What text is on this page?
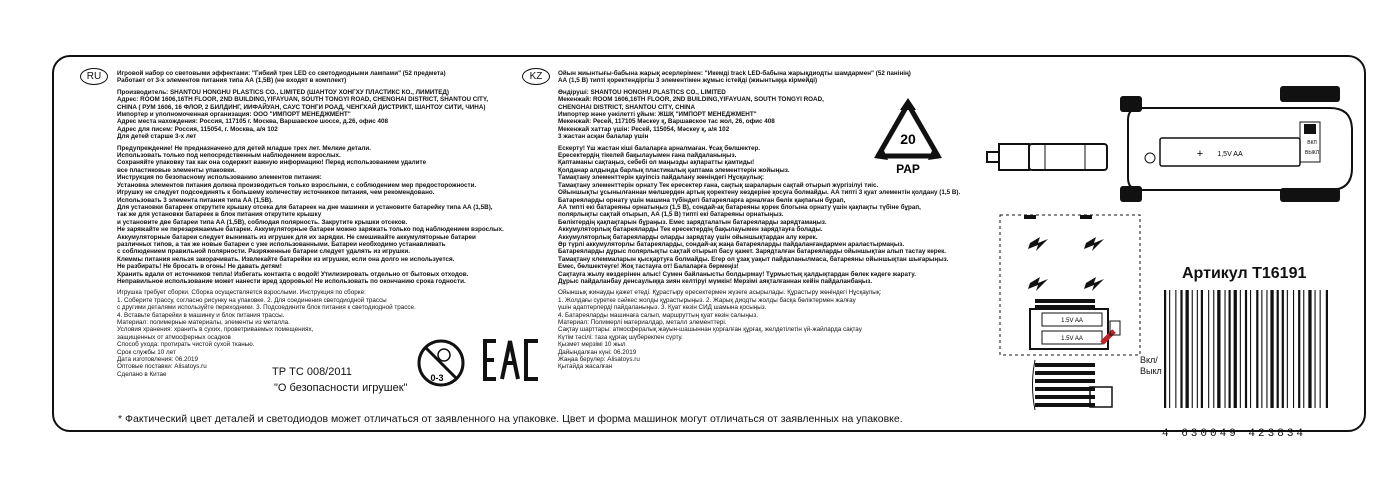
RU	Игровой набор со световыми эффектами: "Гибкий трек LED со светодиодными лампами" (52 предмета)
Работает от 3-х элементов питания типа АА (1,5В) (не входят в комплект)

Производитель: SHANTOU HONGHU PLASTICS CO., LIMITED (ШАНТОУ ХОНГХУ ПЛАСТИКС КО., ЛИМИТЕД)
Адрес: ROOM 1606,16TH FLOOR, 2ND BUILDING,YIFAYUAN, SOUTH TONGYI ROAD, CHENGHAI DISTRICT, SHANTOU CITY,
CHINA ( РУМ 1606, 16 ФЛОР, 2 БИЛДИНГ, ИИФАЙУАН, САУС ТОНГИ РОАД, ЧЕНГХАЙ ДИСТРИКТ, ШАНТОУ СИТИ, ЧИНА)
Импортер и уполномоченная организация: ООО "ИМПОРТ МЕНЕДЖМЕНТ"
Адрес места нахождения: Россия, 117105 г. Москва, Варшавское шоссе, д.26, офис 408
Адрес для писем: Россия, 115054, г. Москва, а/я 102
Для детей старше 3-х лет

Предупреждение! Не предназначено для детей младше трех лет. Мелкие детали.
Использовать только под непосредственным наблюдением взрослых.
Сохраняйте упаковку так как она содержит важную информацию! Перед использованием удалите
все пластиковые элементы упаковки.
Инструкция по безопасному использованию элементов питания:
Установка элементов питания должна производиться только взрослыми, с соблюдением мер предосторожности.
Игрушку не следует подсоединять к большему количеству источников питания, чем рекомендовано.
Использовать 3 элемента питания типа АА (1,5В).
Для установки батареек открутите крышку отсека для батареек на дне машинки и установите батарейку типа АА (1,5В),
так же для установки батареек в блок питания открутите крышку
и установите две батареи типа АА (1,5В), соблюдая полярность. Закрутите крышки отсеков.
Не заряжайте не перезаряжаемые батареи. Аккумуляторные батареи можно заряжать только под наблюдением взрослых.
Аккумуляторные батареи следует вынимать из игрушек для их зарядки. Не смешивайте аккумуляторные батареи
различных типов, а так же новые батареи с уже использованными. Батареи необходимо устанавливать
с соблюдением правильной полярности. Разряженные батареи следует удалять из игрушки.
Клеммы питания нельзя закорачивать. Извлекайте батарейки из игрушки, если она долго не используется.
Не разбирать! Не бросать в огонь! Не давать детям!
Хранить вдали от источников тепла! Избегать контакта с водой! Утилизировать отдельно от бытовых отходов.
Неправильное использование может нанести вред здоровью! Не использовать по окончанию срока годности.

Игрушка требует сборки. Сборка осуществляется взрослыми. Инструкция по сборке:
1. Соберите трассу, согласно рисунку на упаковке. 2. Для соединения светодиодной трассы
с другими деталями используйте переходники. 3. Подсоедините блок питания к светодиодной трассе.
4. Вставьте батарейки в машинку и блок питания трассы.
Материал: полимерные материалы, элементы из металла.
Условия хранения: хранить в сухих, проветриваемых помещениях,
защищенных от атмосферных осадков
Способ ухода: протирать чистой сухой тканью.
Срок службы 10 лет
Дата изготовления: 06.2019
Оптовые поставки: Alisatoys.ru
Сделано в Китае

KZ	Ойын жиынтығы-бабына жарық әсерлерімен: "Икемді track LED-бабына жарықдиодты шамдармен" (52 панінің)
АА (1,5 В) типті қоректендіргіш 3 элементімен жұмыс істейді (жиынтыққа кірмейді)

Өндіруші: SHANTOU HONGHU PLASTICS CO., LIMITED
Мекенжай: ROOM 1606,16TH FLOOR, 2ND BUILDING,YIFAYUAN, SOUTH TONGYI ROAD,
CHENGHAI DISTRICT, SHANTOU CITY, CHINA
Импортер және уәкілетті ұйым: ЖШҚ "ИМПОРТ МЕНЕДЖМЕНТ"
Мекенжай: Ресей, 117105 Мәскеу қ, Варшавское тас жол, 26, офис 408
Мекенжай хаттар үшін: Ресей, 115054, Мәскеу қ, а/я 102
3 жастан асқан балалар үшін

Ескерту! Үш жастан кіші балаларға арналмаған. Ұсақ бөлшектер.
Ересектердің тікелей бақылауымен ғана пайдаланыңыз.
Қаптаманы сақтаңыз, себебі ол маңызды ақпаратты қамтиды!
Қолданар алдында барлық пластикалық қаптама элементтерін жойыңыз.
Тамақтану элементтерін қауіпсіз пайдалану жөніндегі Нұсқаулық:
Тамақтану элементтерін орнату Тек ересектер ғана, сақтық шараларын сақтай отырып жүргізілуі тиіс.
Ойыншықты ұсынылғаннан мөлшерден артық қоректену көздеріне қосуға болмайды. АА типті 3 қуат элементін қолдану (1,5 В).
Батареяларды орнату үшін машина түбіндегі батареяларға арналған бөлік қақпағын бұрап,
АА типті екі батареяны орнатыңыз (1,5 В), сондай-ақ батареяны қорек блогына орнату үшін қақпақты түбіне бұрап,
полярлықты сақтай отырып, АА (1,5 В) типті екі батареяны орнатыңыз.
Бөліктердің қақпақтарын бұраңыз. Емес зарядталатын батареяларды зарядтамаңыз.
Аккумуляторлық батареяларды Тек ересектердің бақылауымен зарядтауға болады.
Аккумуляторлық батареяларды оларды зарядтау үшін ойыншықтардан алу керек.
Әр түрлі аккумуляторлы батареяларды, сондай-ақ жаңа батареяларды пайдаланғандармен араластырмаңыз.
Батареяларды дұрыс полярлықты сақтай отырып басу қажет. Зарядталған батареяларды ойыншықтан алып тастау керек.
Тамақтану клеммаларын қысқартуға болмайды. Егер ол ұзақ уақыт пайдаланылмаса, батареяны ойыншықтан шығарыңыз.
Емес, бөлшектеуге! Жоқ тастауға от! Балаларға бермеңіз!
Сақтауға жылу көздерінен алыс! Сумен байланысты болдырмау! Тұрмыстық қалдықтардан бөлек кәдеге жарату.
Дұрыс пайдаланбау денсаулыққа зиян келтіруі мүмкін! Мерзімі аяқталғаннан кейін пайдаланбаңыз.

Ойыншық жинауды қажет етеді. Құрастыру ересектермен жүзеге асырылады. Құрастыру жөніндегі Нұсқаулық:
1. Жолдағы суретке сәйкес жолды құрастырыңыз. 2. Жарық диодты жолды басқа бөліктермен жалғау
үшін адаптерлерді пайдаланыңыз. 3. Қуат көзін СИД шамына қосыңыз.
4. Батареяларды машинаға салып, маршруттың қуат көзін салыңыз.
Материал: Полимерлі материалдар, металл элементтері.
Сақтау шарттары: атмосфералық жауын-шашыннан қорғалған құрғақ, желдетілетін үй-жайларда сақтау
Күтім тәсілі: таза құрғақ шүберекпен сүрту.
Қызмет мерзімі 10 жыл
Дайындалған күні: 06.2019
Жаңаа берулер: Alisatoys.ru
Қытайда жасалған

20
PAP
1,5V AA
+
ВКЛ
ВЫКЛ
1.5V AA
1.5V AA
Вкл/
Выкл
0-3
ТР ТС 008/2011
"О безопасности игрушек"
Артикул Т16191
4 630049 423834
* Фактический цвет деталей и светодиодов может отличаться от заявленного на упаковке. Цвет и форма машинок могут отличаться от заявленных на упаковке.
